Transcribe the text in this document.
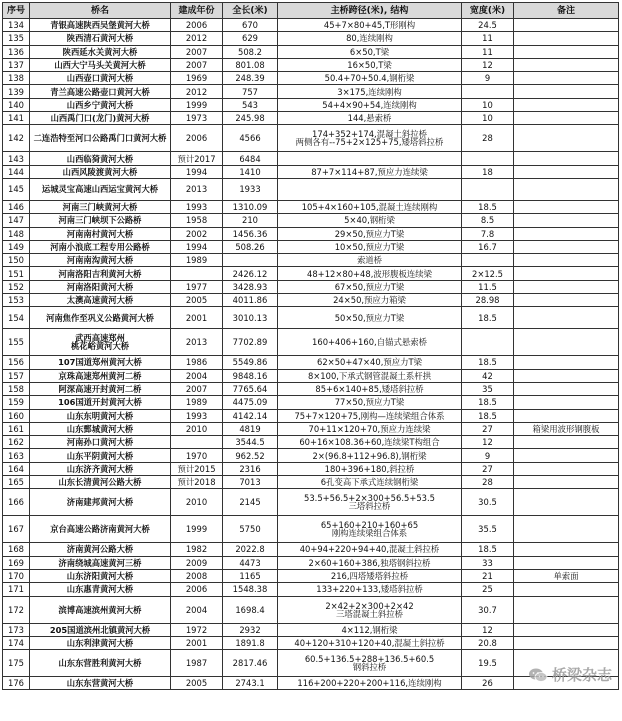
序号	桥名	建成年份	全长(米)	主桥跨径(米), 结构	宽度(米)	备注
134	青银高速陕西吴堡黄河大桥	2006	670	45+7×80+45,T形刚构	24.5	
135	陕西清石黄河大桥	2012	629	80,连续刚构	11	
136	陕西延水关黄河大桥	2007	508.2	6×50,T梁	11	
137	山西大宁马头关黄河大桥	2007	801.08	16×50,T梁	12	
138	山西壶口黄河大桥	1969	248.39	50.4+70+50.4,钢桁梁	9	
139	青兰高速公路壶口黄河大桥	2012	757	3×175,连续刚构		
140	山西乡宁黄河大桥	1999	543	54+4×90+54,连续刚构	10	
141	山西禹门口(龙门)黄河大桥	1973	245.98	144,悬索桥	10	
142	二连浩特至河口公路禹门口黄河大桥	2006	4566	174+352+174,混凝土斜拉桥
两侧各有--75+2×125+75,矮塔斜拉桥	28	
143	山西临猗黄河大桥	预计2017	6484			
144	山西风陵渡黄河大桥	1994	1410	87+7×114+87,预应力连续梁	18	
145	运城灵宝高速山西运宝黄河大桥	2013	1933			
146	河南三门峡黄河大桥	1993	1310.09	105+4×160+105,混凝土连续刚构	18.5	
147	河南三门峡坝下公路桥	1958	210	5×40,钢桁梁	8.5	
148	河南南村黄河大桥	2002	1456.36	29×50,预应力T梁	7.8	
149	河南小浪底工程专用公路桥	1994	508.26	10×50,预应力T梁	16.7	
150	河南南沟黄河大桥	1989		索道桥		
151	河南洛阳吉利黄河大桥		2426.12	48+12×80+48,波形腹板连续梁	2×12.5	
152	河南洛阳黄河大桥	1977	3428.93	67×50,预应力T梁	11.5	
153	太澳高速黄河大桥	2005	4011.86	24×50,预应力箱梁	28.98	
154	河南焦作至巩义公路黄河大桥	2001	3010.13	50×50,预应力T梁	18.5	
155	武西高速郑州
桃花峪黄河大桥	2013	7702.89	160+406+160,自锚式悬索桥		
156	107国道郑州黄河大桥	1986	5549.86	62×50+47×40,预应力T梁	18.5	
157	京珠高速郑州黄河二桥	2004	9848.16	8×100,下承式钢管混凝土系杆拱	42	
158	阿深高速开封黄河二桥	2007	7765.64	85+6×140+85,矮塔斜拉桥	35	
159	106国道开封黄河大桥	1989	4475.09	77×50,预应力T梁	18.5	
160	山东东明黄河大桥	1993	4142.14	75+7×120+75,刚构—连续梁组合体系	18.5	
161	山东鄄城黄河大桥	2010	4819	70+11×120+70,预应力连续梁	27	箱梁用波形钢腹板
162	河南孙口黄河大桥		3544.5	60+16×108.36+60,连续梁T构组合	12	
163	山东平阴黄河大桥	1970	962.52	2×(96.8+112+96.8),钢桁梁	9	
164	山东济齐黄河大桥	预计2015	2316	180+396+180,斜拉桥	27	
165	山东长清黄河公路大桥	预计2018	7013	6孔变高下承式连续钢桁梁	28	
166	济南建邦黄河大桥	2010	2145	53.5+56.5+2×300+56.5+53.5
三塔斜拉桥	30.5	
167	京台高速公路济南黄河大桥	1999	5750	65+160+210+160+65
刚构连续梁组合体系	35.5	
168	济南黄河公路大桥	1982	2022.8	40+94+220+94+40,混凝土斜拉桥	18.5	
169	济南绕城高速黄河三桥	2009	4473	2×60+160+386,独塔钢斜拉桥	33	
170	山东济阳黄河大桥	2008	1165	216,四塔矮塔斜拉桥	21	单索面
171	山东惠青黄河大桥	2006	1548.38	133+220+133,矮塔斜拉桥	25	
172	滨博高速滨州黄河大桥	2004	1698.4	2×42+2×300+2×42
三塔混凝土斜拉桥	30.7	
173	205国道滨州北镇黄河大桥	1972	2932	4×112,钢桁梁	12	
174	山东利津黄河大桥	2001	1891.8	40+120+310+120+40,混凝土斜拉桥	20.8	
175	山东东营胜利黄河大桥	1987	2817.46	60.5+136.5+288+136.5+60.5
钢斜拉桥	19.5	
176	山东东营黄河大桥	2005	2743.1	116+200+220+200+116,连续刚构	26		桥梁杂志
